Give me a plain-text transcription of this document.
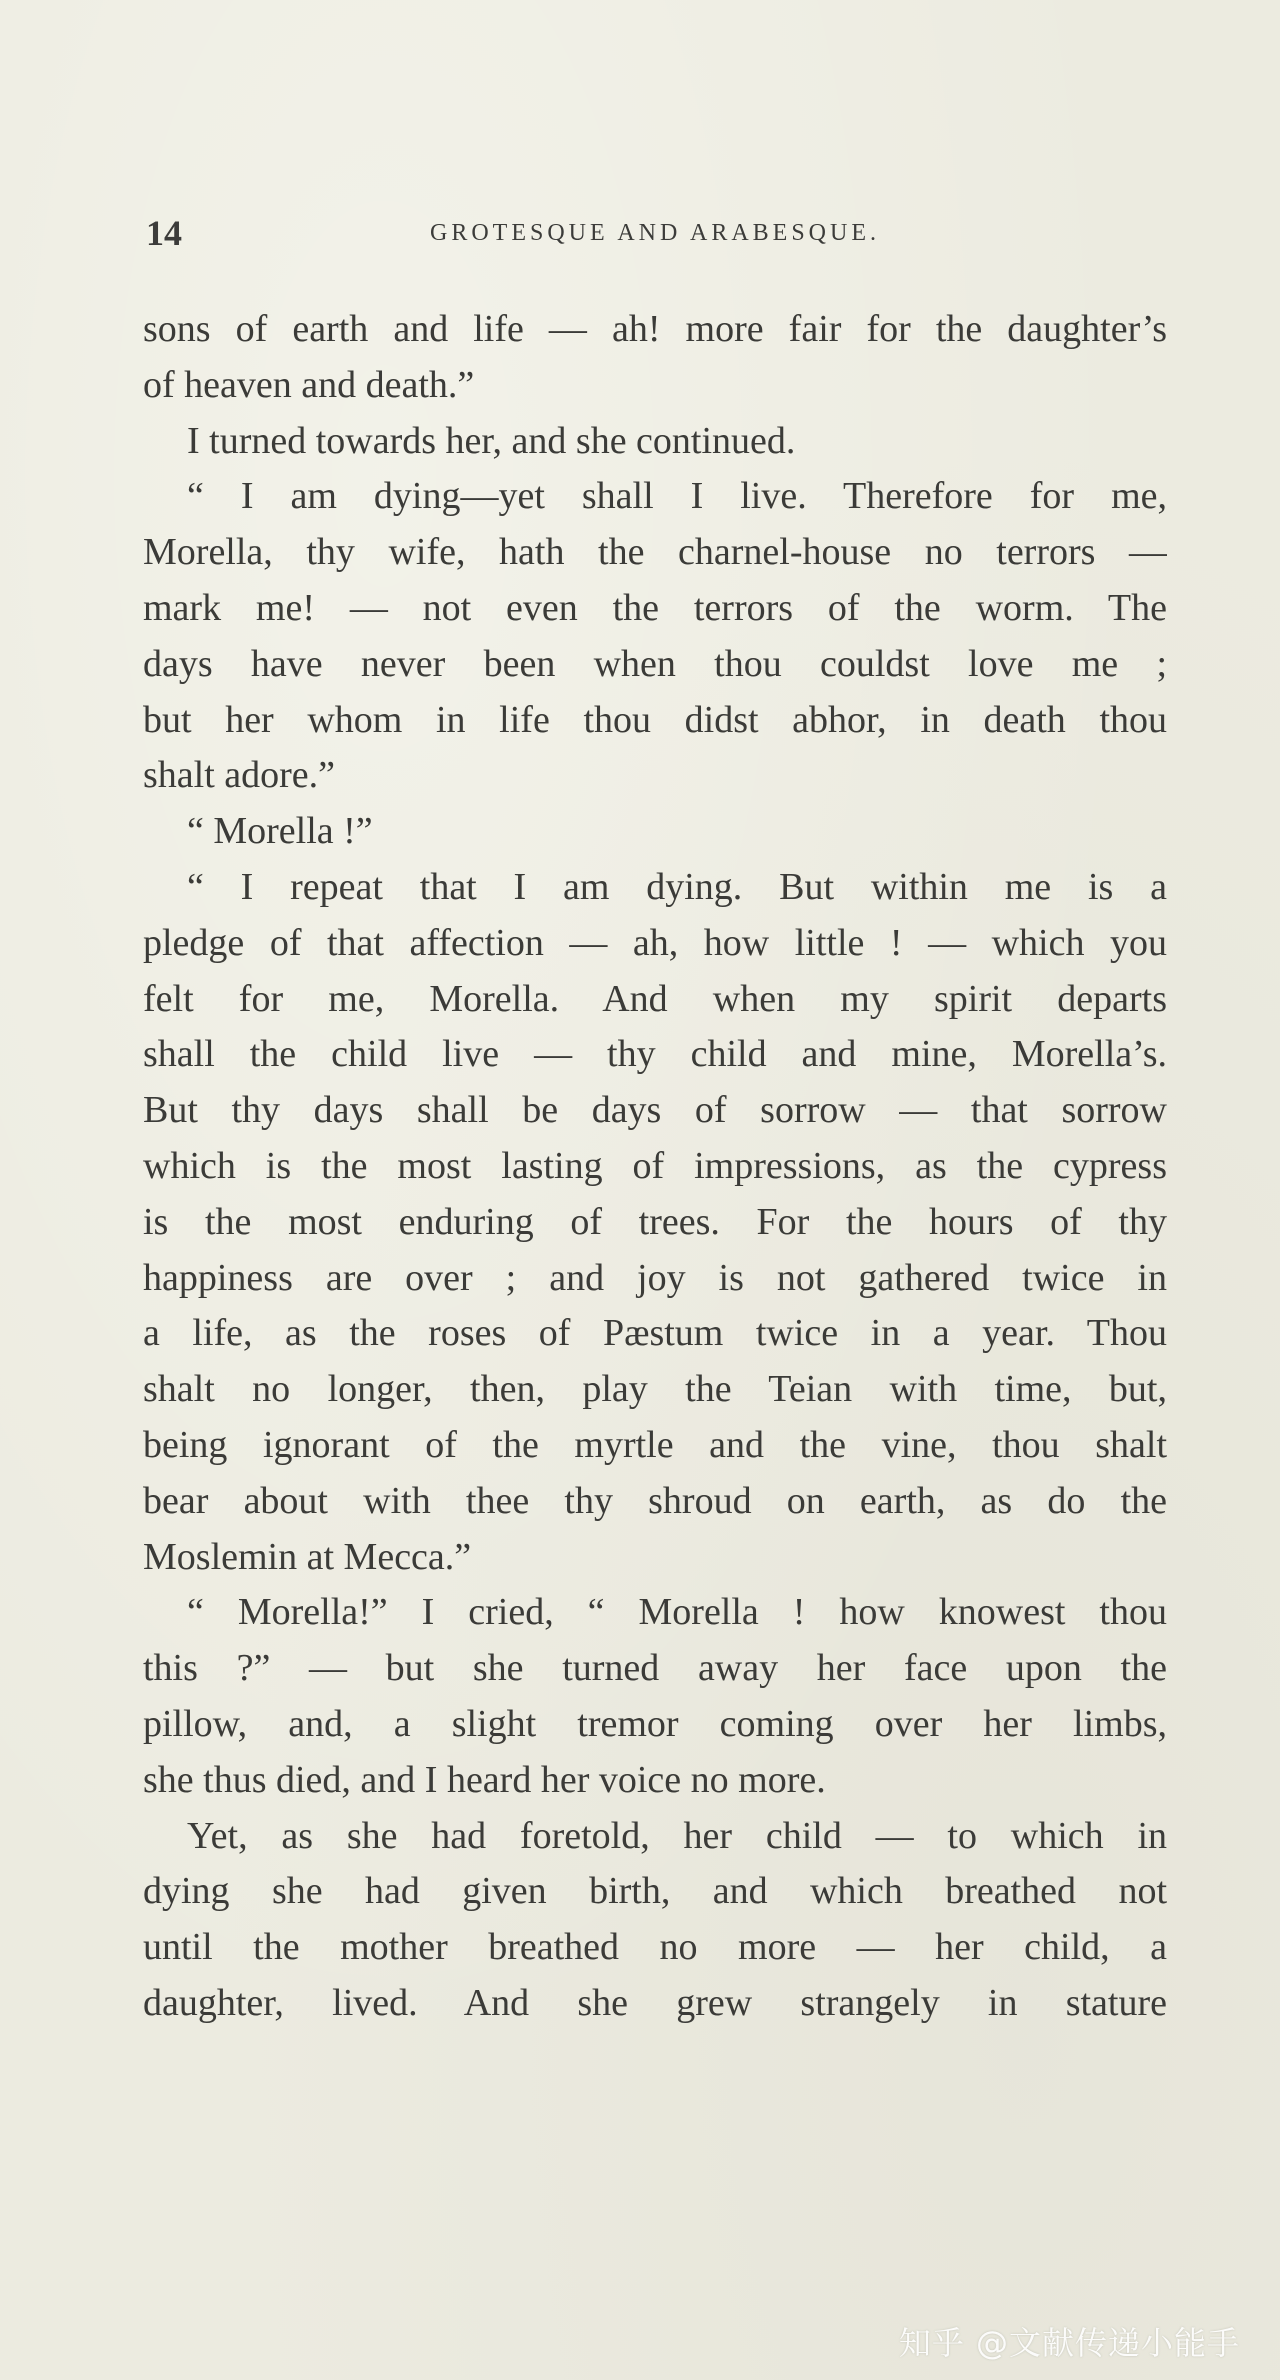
14	GROTESQUE AND ARABESQUE.
sons of earth and life — ah! more fair for the daughter’s
of heaven and death.”
I turned towards her, and she continued.
“ I am dying—yet shall I live. Therefore for me,
Morella, thy wife, hath the charnel-house no terrors —
mark me! — not even the terrors of the worm. The
days have never been when thou couldst love me ;
but her whom in life thou didst abhor, in death thou
shalt adore.”
“ Morella !”
“ I repeat that I am dying. But within me is a
pledge of that affection — ah, how little ! — which you
felt for me, Morella. And when my spirit departs
shall the child live — thy child and mine, Morella’s.
But thy days shall be days of sorrow — that sorrow
which is the most lasting of impressions, as the cypress
is the most enduring of trees. For the hours of thy
happiness are over ; and joy is not gathered twice in
a life, as the roses of Pæstum twice in a year. Thou
shalt no longer, then, play the Teian with time, but,
being ignorant of the myrtle and the vine, thou shalt
bear about with thee thy shroud on earth, as do the
Moslemin at Mecca.”
“ Morella!” I cried, “ Morella ! how knowest thou
this ?” — but she turned away her face upon the
pillow, and, a slight tremor coming over her limbs,
she thus died, and I heard her voice no more.
Yet, as she had foretold, her child — to which in
dying she had given birth, and which breathed not
until the mother breathed no more — her child, a
daughter, lived. And she grew strangely in stature
知乎 @文献传递小能手
